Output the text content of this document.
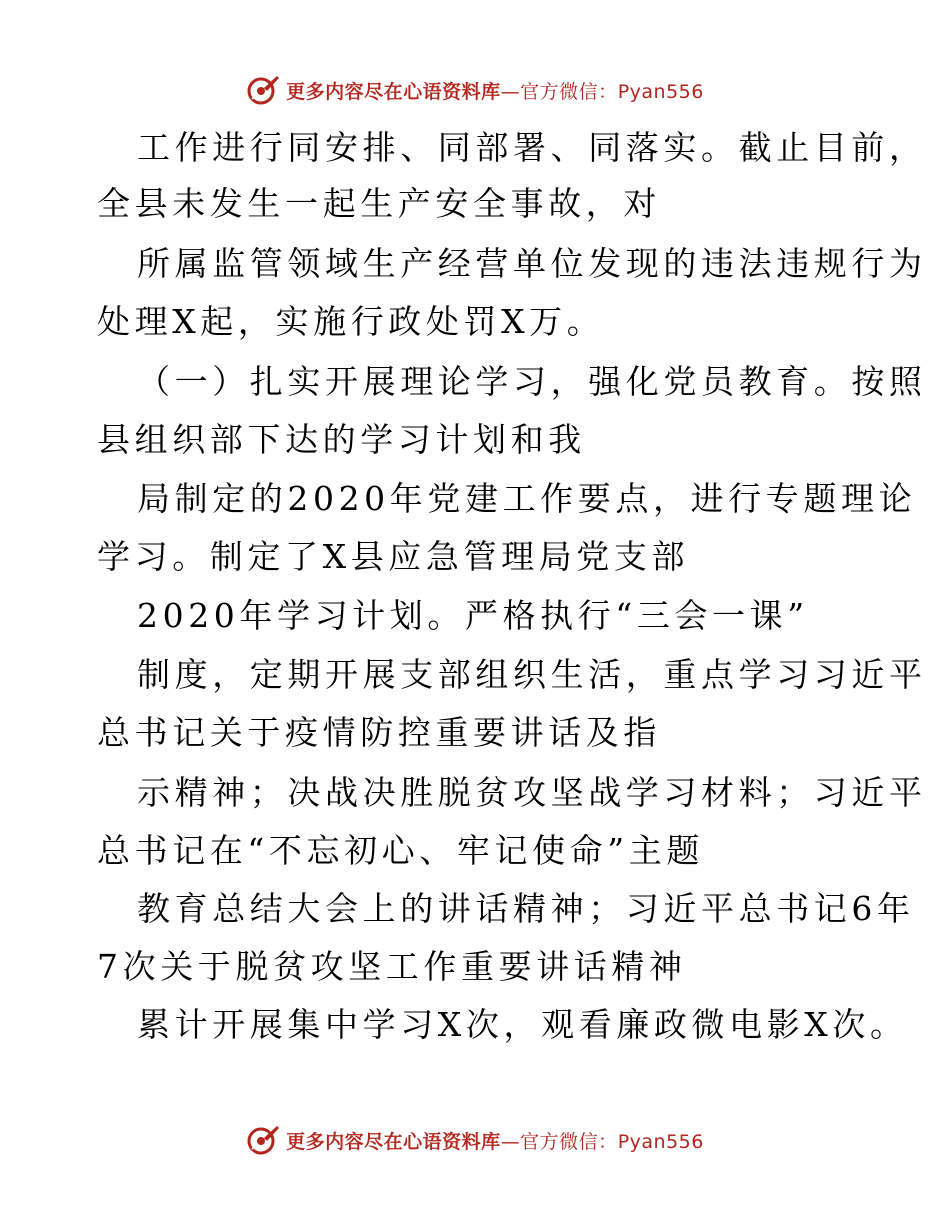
更多内容尽在心语资料库—官方微信：Pyan556
工作进行同安排、同部署、同落实。截止目前，
全县未发生一起生产安全事故，对
所属监管领域生产经营单位发现的违法违规行为
处理X起，实施行政处罚X万。
（一）扎实开展理论学习，强化党员教育。按照
县组织部下达的学习计划和我
局制定的2020年党建工作要点，进行专题理论
学习。制定了X县应急管理局党支部
2020年学习计划。严格执行“三会一课”
制度，定期开展支部组织生活，重点学习习近平
总书记关于疫情防控重要讲话及指
示精神；决战决胜脱贫攻坚战学习材料；习近平
总书记在“不忘初心、牢记使命”主题
教育总结大会上的讲话精神；习近平总书记6年
7次关于脱贫攻坚工作重要讲话精神
累计开展集中学习X次，观看廉政微电影X次。
更多内容尽在心语资料库—官方微信：Pyan556
